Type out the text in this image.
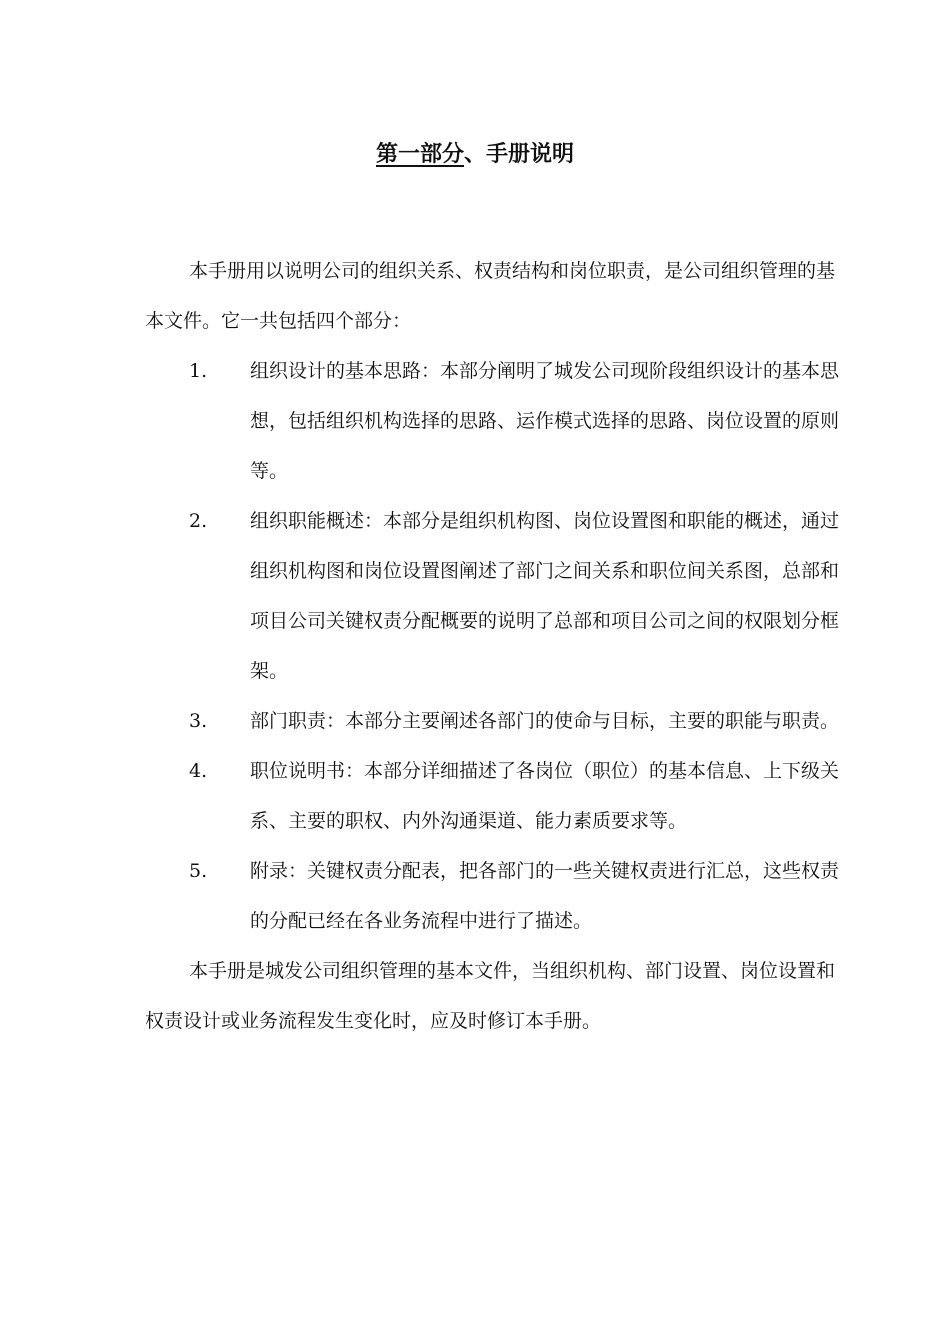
第一部分、手册说明

本手册用以说明公司的组织关系、权责结构和岗位职责，是公司组织管理的基本文件。它一共包括四个部分：

1. 组织设计的基本思路：本部分阐明了城发公司现阶段组织设计的基本思想，包括组织机构选择的思路、运作模式选择的思路、岗位设置的原则等。
2. 组织职能概述：本部分是组织机构图、岗位设置图和职能的概述，通过组织机构图和岗位设置图阐述了部门之间关系和职位间关系图，总部和项目公司关键权责分配概要的说明了总部和项目公司之间的权限划分框架。
3. 部门职责：本部分主要阐述各部门的使命与目标，主要的职能与职责。
4. 职位说明书：本部分详细描述了各岗位（职位）的基本信息、上下级关系、主要的职权、内外沟通渠道、能力素质要求等。
5. 附录：关键权责分配表，把各部门的一些关键权责进行汇总，这些权责的分配已经在各业务流程中进行了描述。

本手册是城发公司组织管理的基本文件，当组织机构、部门设置、岗位设置和权责设计或业务流程发生变化时，应及时修订本手册。
